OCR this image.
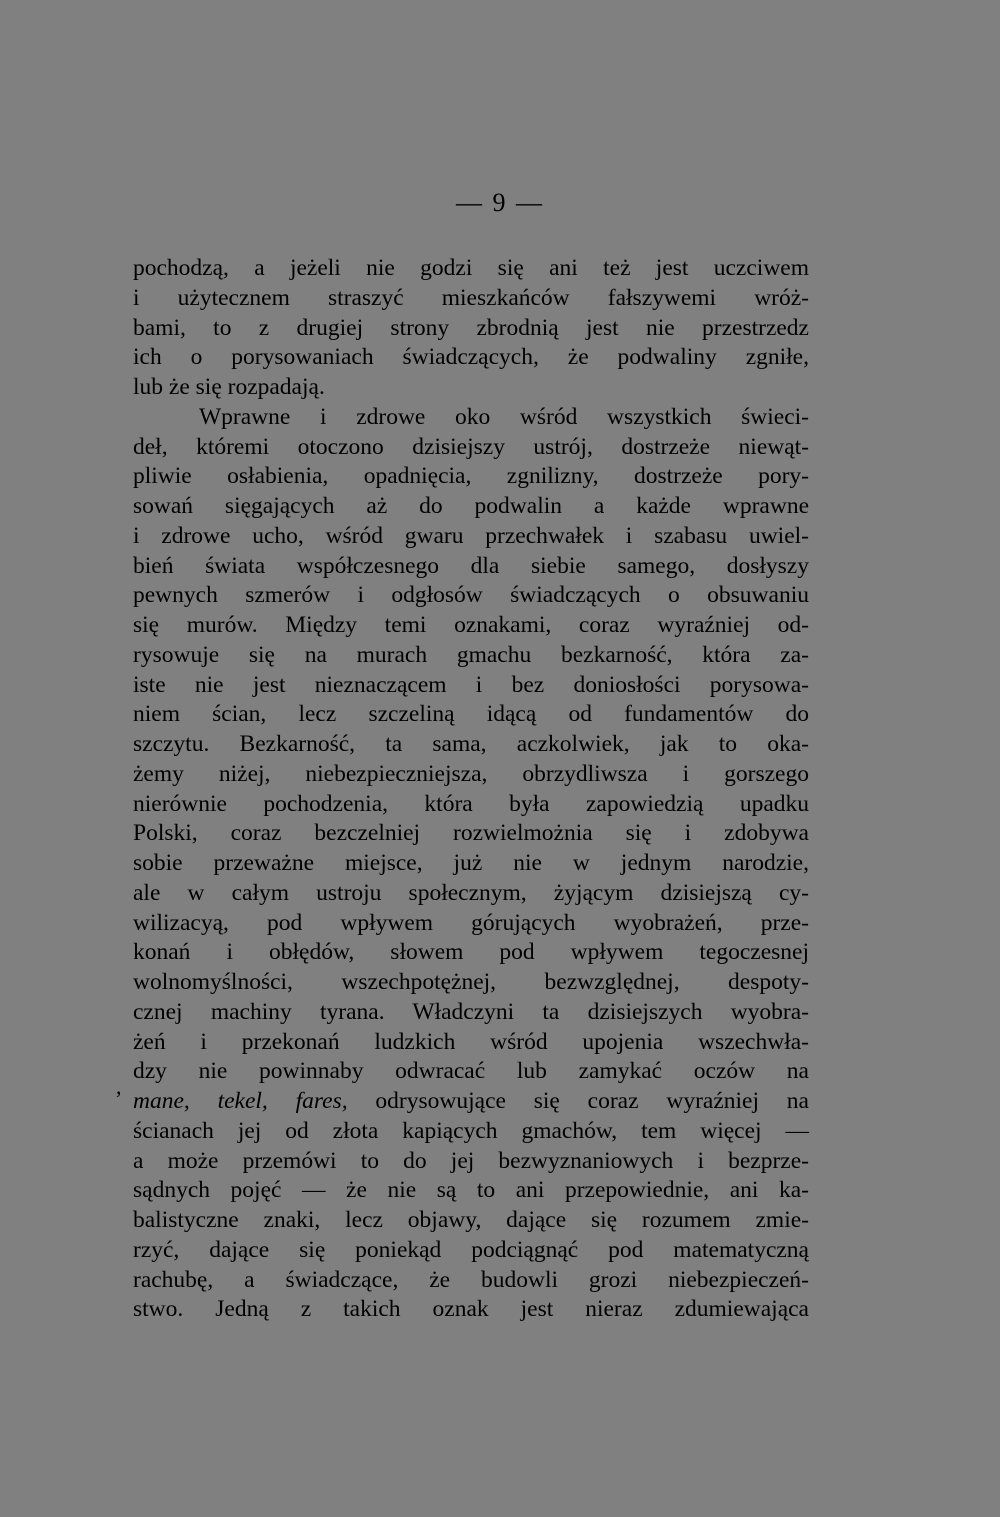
— 9 —
,
pochodzą, a jeżeli nie godzi się ani też jest uczciwem
i użytecznem straszyć mieszkańców fałszywemi wróż-
bami, to z drugiej strony zbrodnią jest nie przestrzedz
ich o porysowaniach świadczących, że podwaliny zgniłe,
lub że się rozpadają.
Wprawne i zdrowe oko wśród wszystkich świeci-
deł, któremi otoczono dzisiejszy ustrój, dostrzeże niewąt-
pliwie osłabienia, opadnięcia, zgnilizny, dostrzeże pory-
sowań sięgających aż do podwalin a każde wprawne
i zdrowe ucho, wśród gwaru przechwałek i szabasu uwiel-
bień świata współczesnego dla siebie samego, dosłyszy
pewnych szmerów i odgłosów świadczących o obsuwaniu
się murów. Między temi oznakami, coraz wyraźniej od-
rysowuje się na murach gmachu bezkarność, która za-
iste nie jest nieznaczącem i bez doniosłości porysowa-
niem ścian, lecz szczeliną idącą od fundamentów do
szczytu. Bezkarność, ta sama, aczkolwiek, jak to oka-
żemy niżej, niebezpieczniejsza, obrzydliwsza i gorszego
nierównie pochodzenia, która była zapowiedzią upadku
Polski, coraz bezczelniej rozwielmożnia się i zdobywa
sobie przeważne miejsce, już nie w jednym narodzie,
ale w całym ustroju społecznym, żyjącym dzisiejszą cy-
wilizacyą, pod wpływem górujących wyobrażeń, prze-
konań i obłędów, słowem pod wpływem tegoczesnej
wolnomyślności, wszechpotężnej, bezwzględnej, despoty-
cznej machiny tyrana. Władczyni ta dzisiejszych wyobra-
żeń i przekonań ludzkich wśród upojenia wszechwła-
dzy nie powinnaby odwracać lub zamykać oczów na
mane, tekel, fares, odrysowujące się coraz wyraźniej na
ścianach jej od złota kapiących gmachów, tem więcej —
a może przemówi to do jej bezwyznaniowych i bezprze-
sądnych pojęć — że nie są to ani przepowiednie, ani ka-
balistyczne znaki, lecz objawy, dające się rozumem zmie-
rzyć, dające się poniekąd podciągnąć pod matematyczną
rachubę, a świadczące, że budowli grozi niebezpieczeń-
stwo. Jedną z takich oznak jest nieraz zdumiewająca
